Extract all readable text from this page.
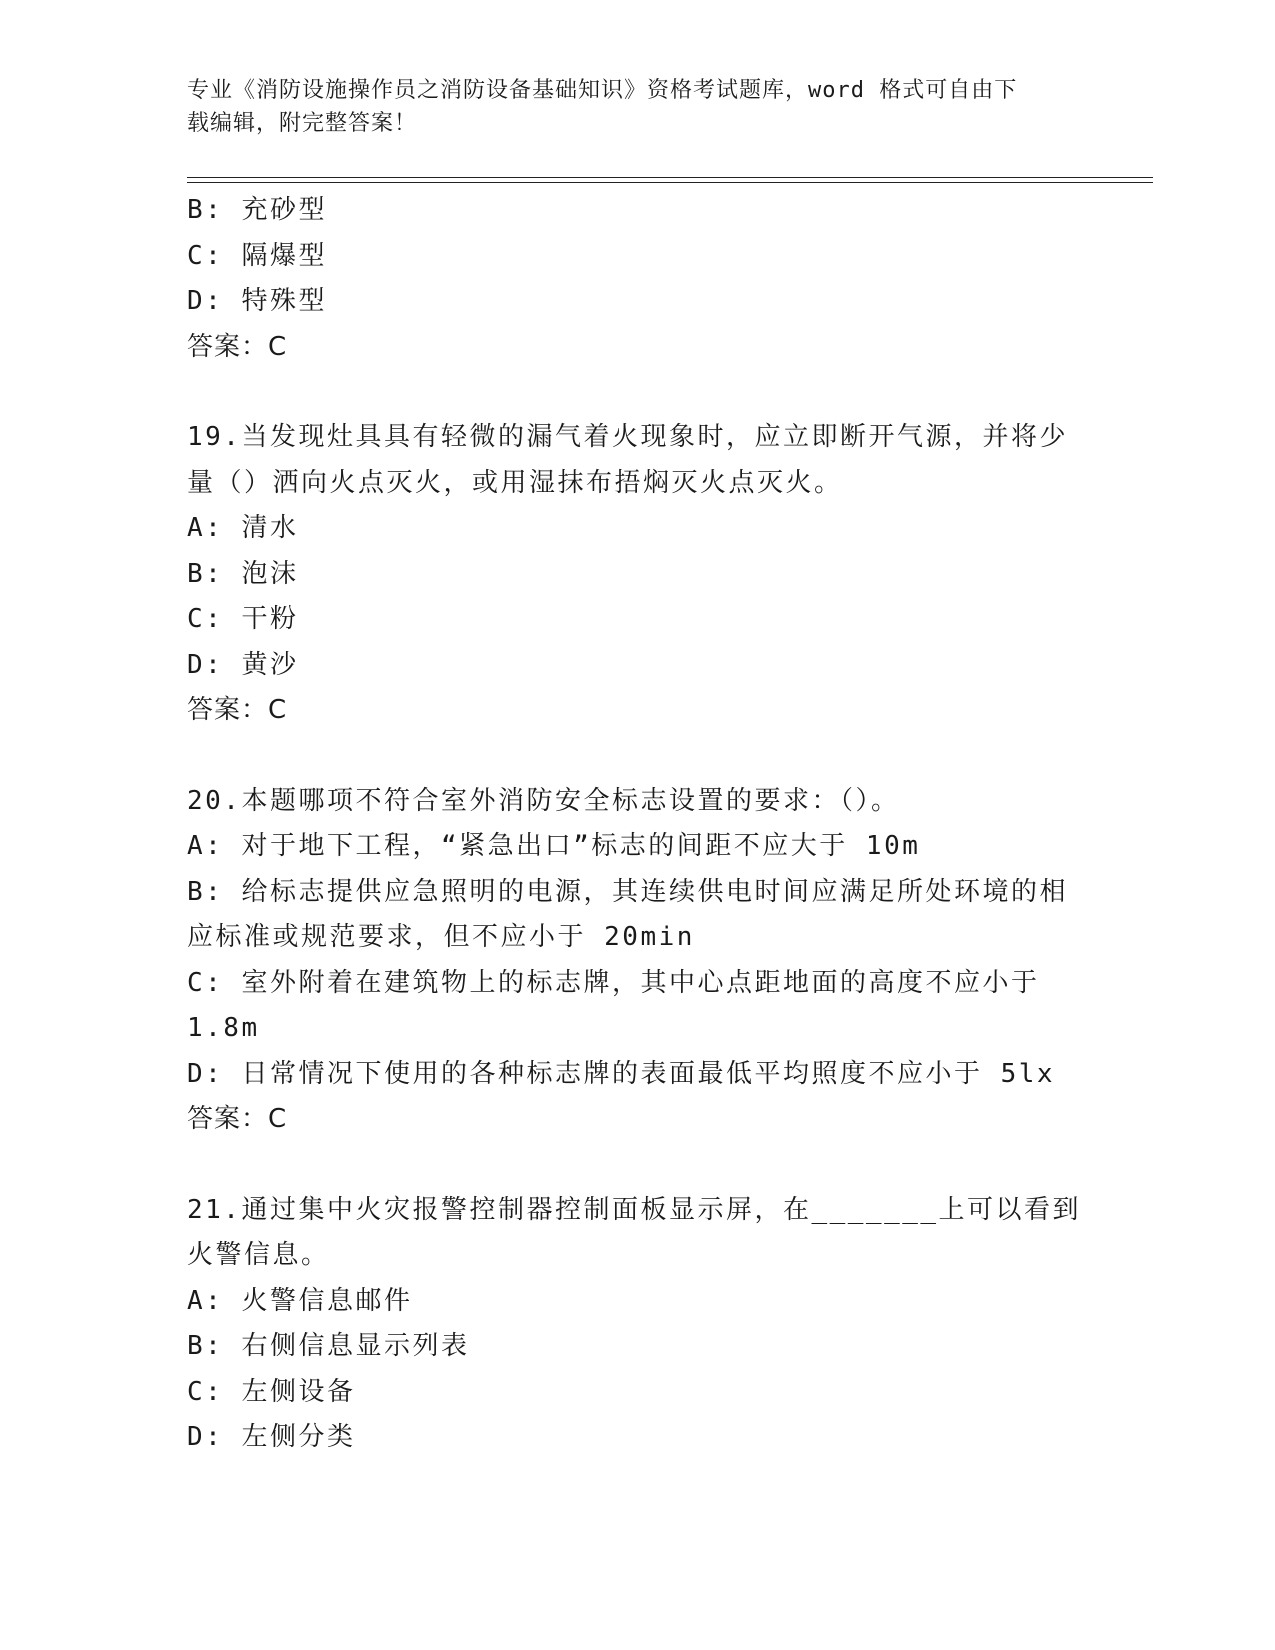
专业《消防设施操作员之消防设备基础知识》资格考试题库，word 格式可自由下
载编辑，附完整答案！
B: 充砂型
C: 隔爆型
D: 特殊型
答案：C
19.当发现灶具具有轻微的漏气着火现象时，应立即断开气源，并将少
量（）洒向火点灭火，或用湿抹布捂焖灭火点灭火。
A: 清水
B: 泡沫
C: 干粉
D: 黄沙
答案：C
20.本题哪项不符合室外消防安全标志设置的要求：（）。
A: 对于地下工程，“紧急出口”标志的间距不应大于 10m
B: 给标志提供应急照明的电源，其连续供电时间应满足所处环境的相
应标准或规范要求，但不应小于 20min
C: 室外附着在建筑物上的标志牌，其中心点距地面的高度不应小于
1.8m
D: 日常情况下使用的各种标志牌的表面最低平均照度不应小于 5lx
答案：C
21.通过集中火灾报警控制器控制面板显示屏，在_______上可以看到
火警信息。
A: 火警信息邮件
B: 右侧信息显示列表
C: 左侧设备
D: 左侧分类
